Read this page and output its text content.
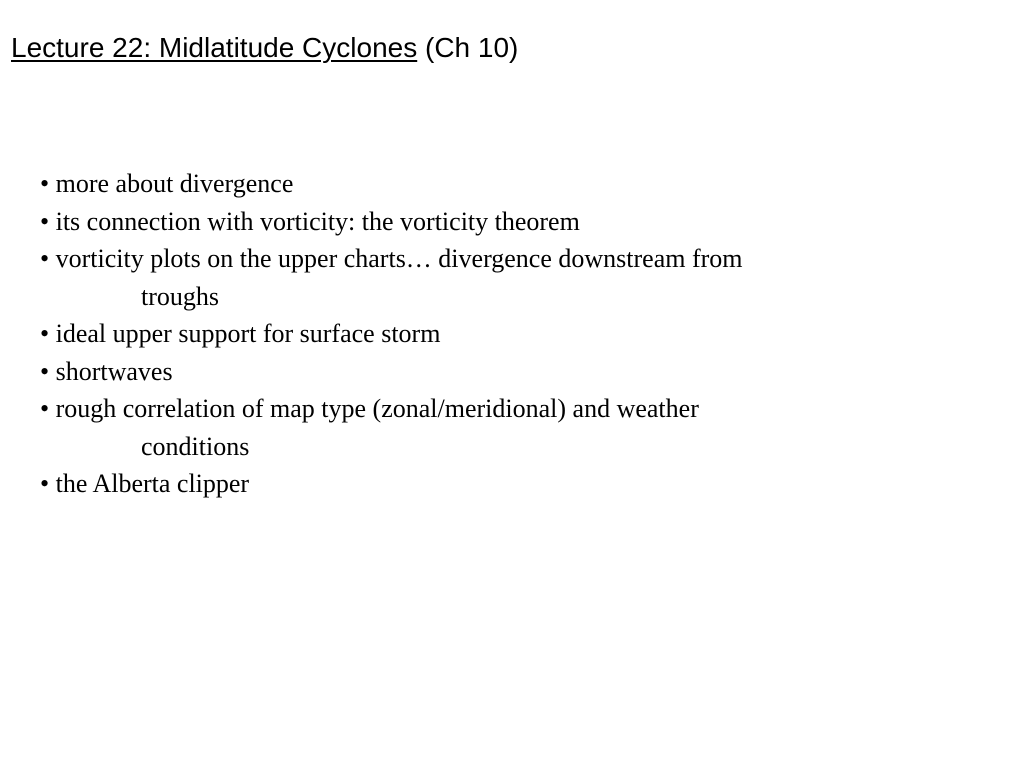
Lecture 22: Midlatitude Cyclones (Ch 10)
• more about divergence
• its connection with vorticity: the vorticity theorem
• vorticity plots on the upper charts… divergence downstream from
troughs
• ideal upper support for surface storm
• shortwaves
• rough correlation of map type (zonal/meridional) and weather
conditions
• the Alberta clipper
